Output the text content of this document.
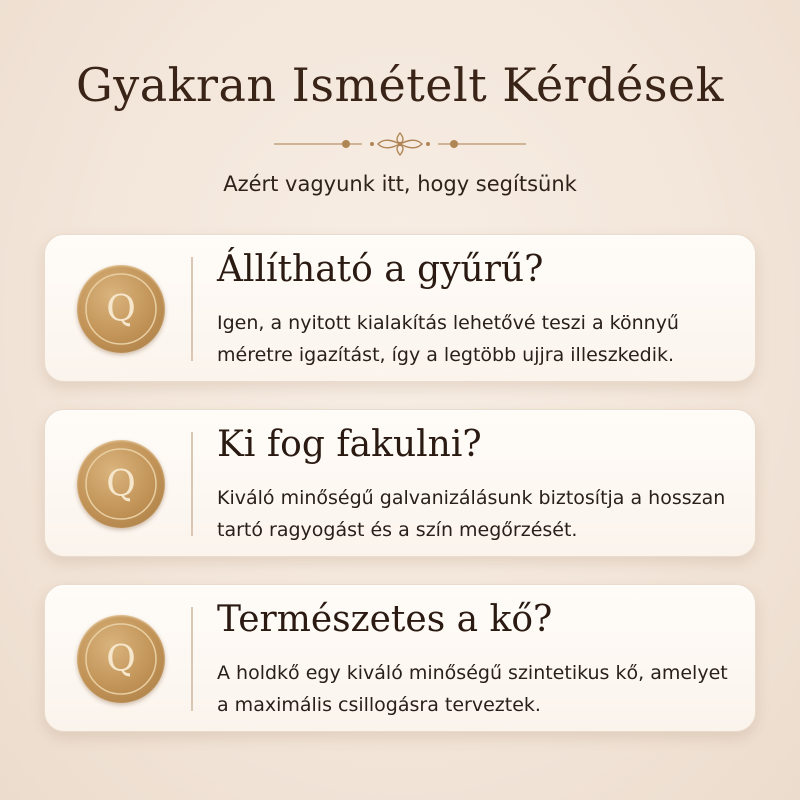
Gyakran Ismételt Kérdések
Azért vagyunk itt, hogy segítsünk
Q
Állítható a gyűrű?
Igen, a nyitott kialakítás lehetővé teszi a könnyű méretre igazítást, így a legtöbb ujjra illeszkedik.
Q
Ki fog fakulni?
Kiváló minőségű galvanizálásunk biztosítja a hosszan tartó ragyogást és a szín megőrzését.
Q
Természetes a kő?
A holdkő egy kiváló minőségű szintetikus kő, amelyet a maximális csillogásra terveztek.
